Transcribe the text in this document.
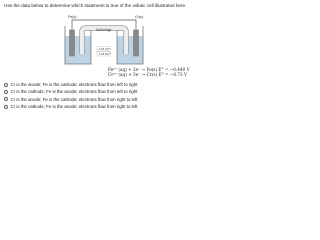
Use the data below to determine which statement is true of the voltaic cell illustrated here.
Fe(s)	Cr(s)
Salt bridge
1 M Cr³⁺
1 M Fe²⁺
Fe²⁺ (aq) + 2e⁻ → Fe(s) E° = −0.440 V
Cr³⁺ (aq) + 3e⁻ → Cr(s) E° = −0.73 V
Cr is the anode; Fe is the cathode; electrons flow from left to right
Cr is the cathode; Fe is the anode; electrons flow from left to right
Cr is the anode; Fe is the cathode; electrons flow from right to left
Cr is the cathode; Fe is the anode; electrons flow from right to left
